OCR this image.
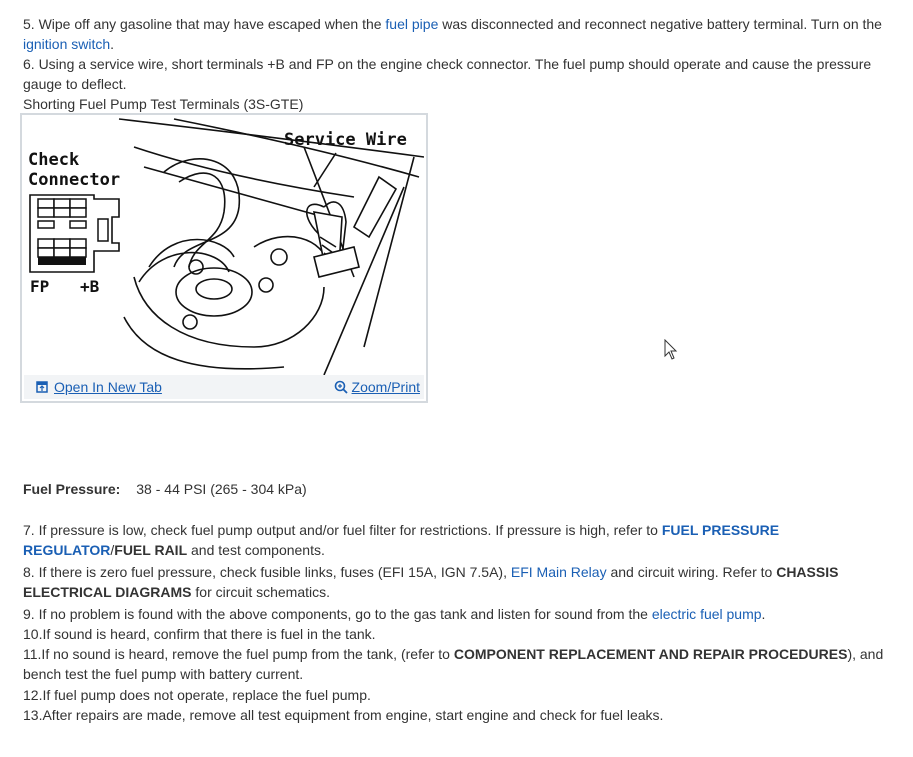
5. Wipe off any gasoline that may have escaped when the fuel pipe was disconnected and reconnect negative battery terminal. Turn on the ignition switch.

6. Using a service wire, short terminals +B and FP on the engine check connector. The fuel pump should operate and cause the pressure gauge to deflect.

Shorting Fuel Pump Test Terminals (3S-GTE)

Check
Connector
Service Wire
FP +B
Open In New Tab	Zoom/Print

Fuel Pressure: 38 - 44 PSI (265 - 304 kPa)

7. If pressure is low, check fuel pump output and/or fuel filter for restrictions. If pressure is high, refer to FUEL PRESSURE REGULATOR/FUEL RAIL and test components.

8. If there is zero fuel pressure, check fusible links, fuses (EFI 15A, IGN 7.5A), EFI Main Relay and circuit wiring. Refer to CHASSIS ELECTRICAL DIAGRAMS for circuit schematics.

9. If no problem is found with the above components, go to the gas tank and listen for sound from the electric fuel pump.

10.If sound is heard, confirm that there is fuel in the tank.

11.If no sound is heard, remove the fuel pump from the tank, (refer to COMPONENT REPLACEMENT AND REPAIR PROCEDURES), and bench test the fuel pump with battery current.

12.If fuel pump does not operate, replace the fuel pump.

13.After repairs are made, remove all test equipment from engine, start engine and check for fuel leaks.
